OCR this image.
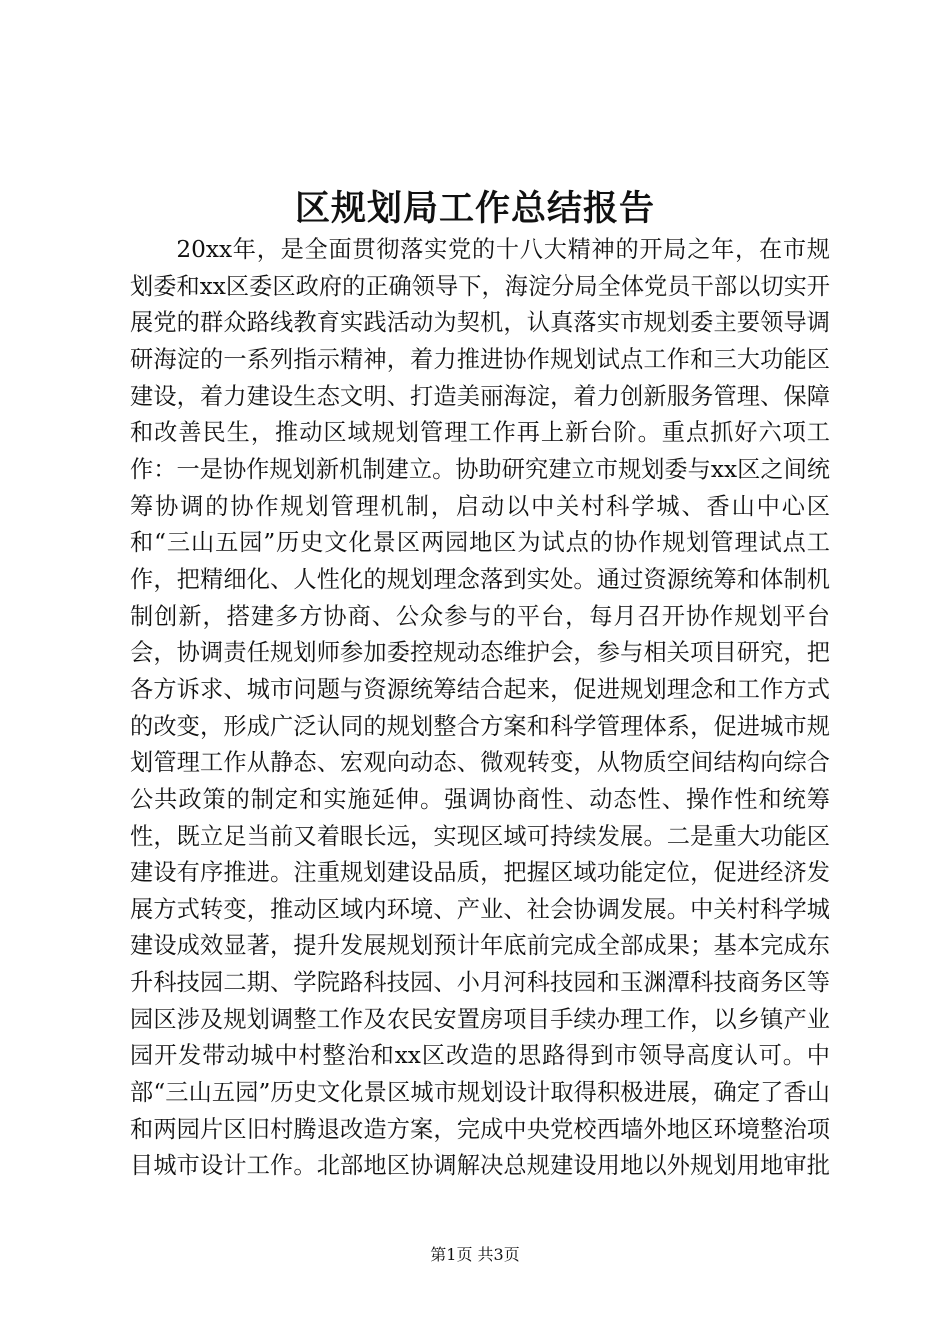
区规划局工作总结报告

20xx年，是全面贯彻落实党的十八大精神的开局之年，在市规划委和xx区委区政府的正确领导下，海淀分局全体党员干部以切实开展党的群众路线教育实践活动为契机，认真落实市规划委主要领导调研海淀的一系列指示精神，着力推进协作规划试点工作和三大功能区建设，着力建设生态文明、打造美丽海淀，着力创新服务管理、保障和改善民生，推动区域规划管理工作再上新台阶。重点抓好六项工作：一是协作规划新机制建立。协助研究建立市规划委与xx区之间统筹协调的协作规划管理机制，启动以中关村科学城、香山中心区和“三山五园”历史文化景区两园地区为试点的协作规划管理试点工作，把精细化、人性化的规划理念落到实处。通过资源统筹和体制机制创新，搭建多方协商、公众参与的平台，每月召开协作规划平台会，协调责任规划师参加委控规动态维护会，参与相关项目研究，把各方诉求、城市问题与资源统筹结合起来，促进规划理念和工作方式的改变，形成广泛认同的规划整合方案和科学管理体系，促进城市规划管理工作从静态、宏观向动态、微观转变，从物质空间结构向综合公共政策的制定和实施延伸。强调协商性、动态性、操作性和统筹性，既立足当前又着眼长远，实现区域可持续发展。二是重大功能区建设有序推进。注重规划建设品质，把握区域功能定位，促进经济发展方式转变，推动区域内环境、产业、社会协调发展。中关村科学城建设成效显著，提升发展规划预计年底前完成全部成果；基本完成东升科技园二期、学院路科技园、小月河科技园和玉渊潭科技商务区等园区涉及规划调整工作及农民安置房项目手续办理工作，以乡镇产业园开发带动城中村整治和xx区改造的思路得到市领导高度认可。中部“三山五园”历史文化景区城市规划设计取得积极进展，确定了香山和两园片区旧村腾退改造方案，完成中央党校西墙外地区环境整治项目城市设计工作。北部地区协调解决总规建设用地以外规划用地审批

第1页 共3页
